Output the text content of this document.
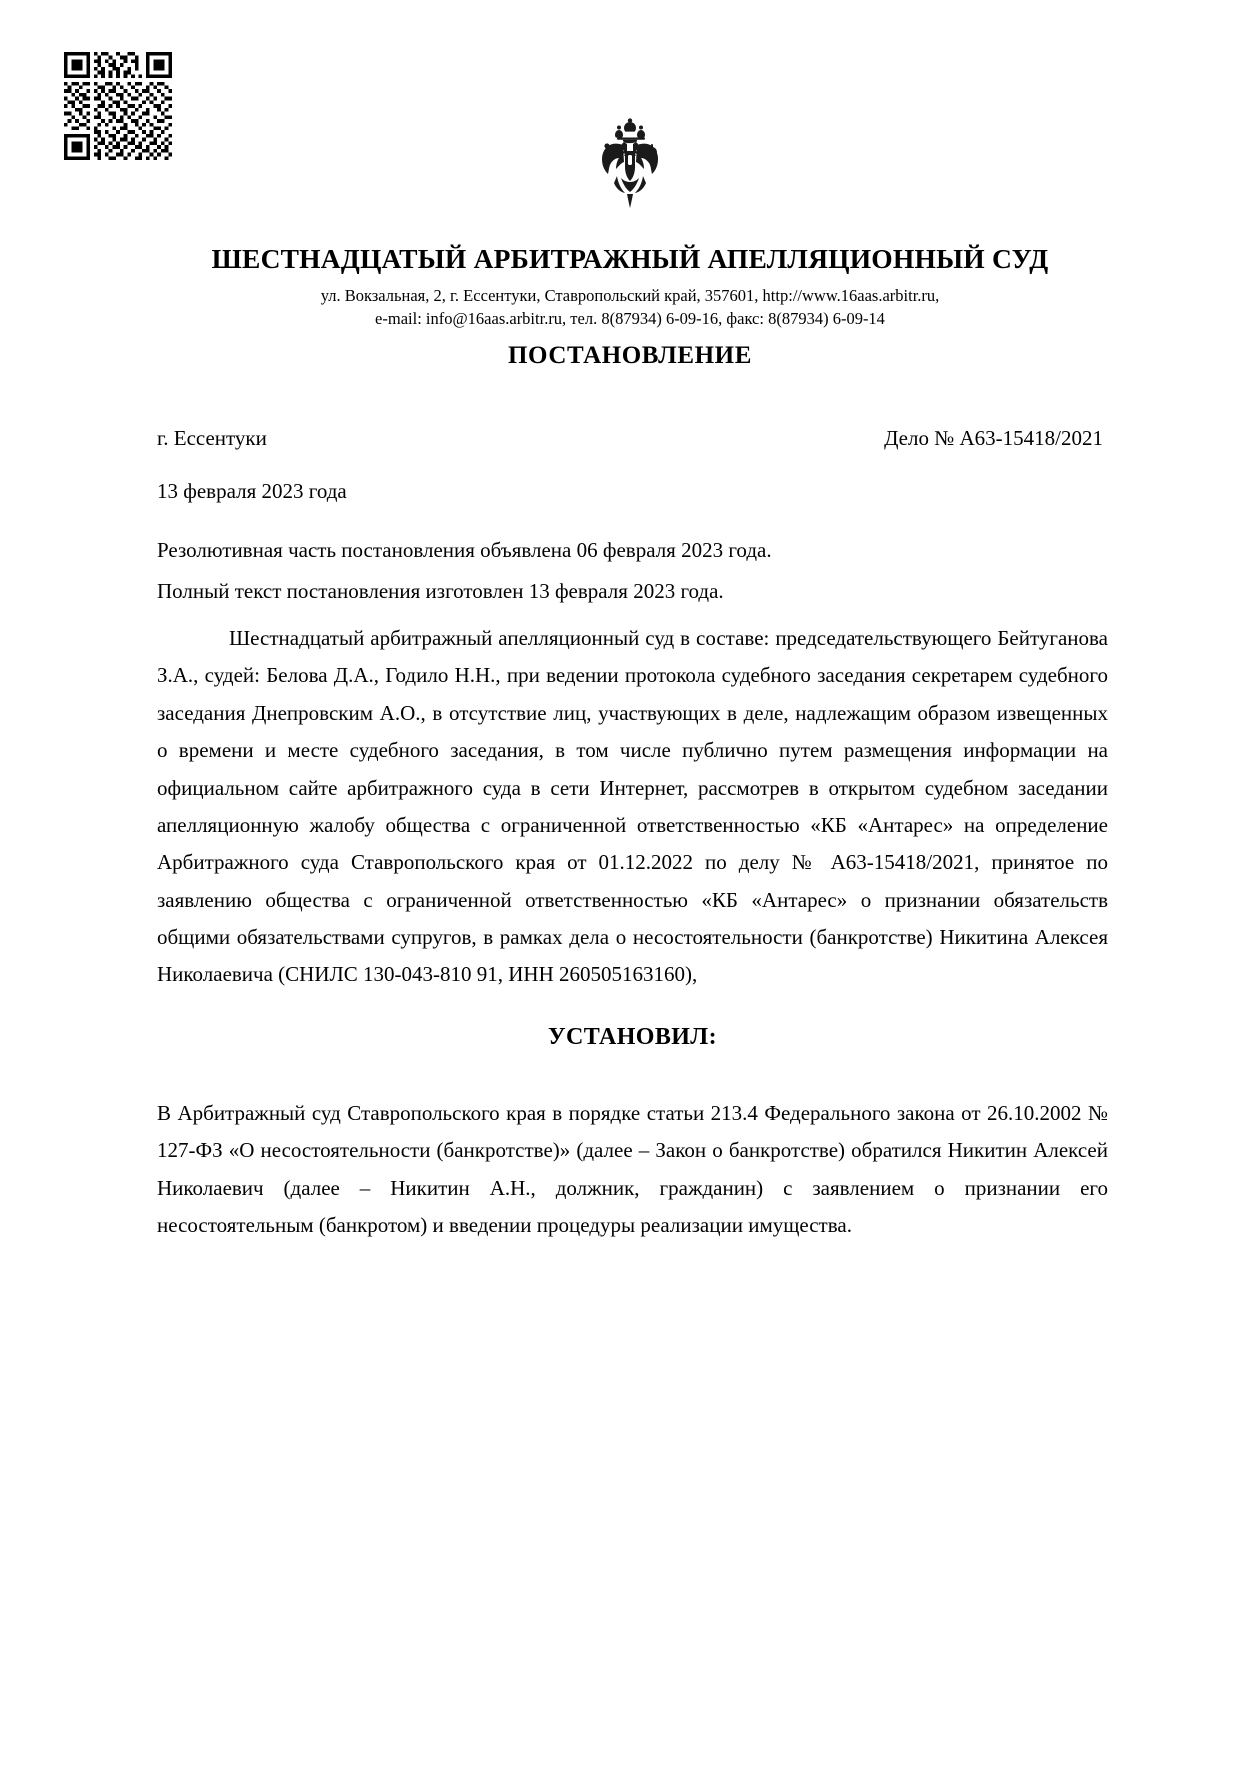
ШЕСТНАДЦАТЫЙ АРБИТРАЖНЫЙ АПЕЛЛЯЦИОННЫЙ СУД
ул. Вокзальная, 2, г. Ессентуки, Ставропольский край, 357601, http://www.16aas.arbitr.ru,
e-mail: info@16aas.arbitr.ru, тел. 8(87934) 6-09-16, факс: 8(87934) 6-09-14
ПОСТАНОВЛЕНИЕ
г. Ессентуки	Дело № А63-15418/2021
13 февраля 2023 года
Резолютивная часть постановления объявлена 06 февраля 2023 года.
Полный текст постановления изготовлен 13 февраля 2023 года.

Шестнадцатый арбитражный апелляционный суд в составе: председательствующего Бейтуганова З.А., судей: Белова Д.А., Годило Н.Н., при ведении протокола судебного заседания секретарем судебного заседания Днепровским А.О., в отсутствие лиц, участвующих в деле, надлежащим образом извещенных о времени и месте судебного заседания, в том числе публично путем размещения информации на официальном сайте арбитражного суда в сети Интернет, рассмотрев в открытом судебном заседании апелляционную жалобу общества с ограниченной ответственностью «КБ «Антарес» на определение Арбитражного суда Ставропольского края от 01.12.2022 по делу № А63-15418/2021, принятое по заявлению общества с ограниченной ответственностью «КБ «Антарес» о признании обязательств общими обязательствами супругов, в рамках дела о несостоятельности (банкротстве) Никитина Алексея Николаевича (СНИЛС 130-043-810 91, ИНН 260505163160),

УСТАНОВИЛ:

В Арбитражный суд Ставропольского края в порядке статьи 213.4 Федерального закона от 26.10.2002 № 127-ФЗ «О несостоятельности (банкротстве)» (далее – Закон о банкротстве) обратился Никитин Алексей Николаевич (далее – Никитин А.Н., должник, гражданин) с заявлением о признании его несостоятельным (банкротом) и введении процедуры реализации имущества.
